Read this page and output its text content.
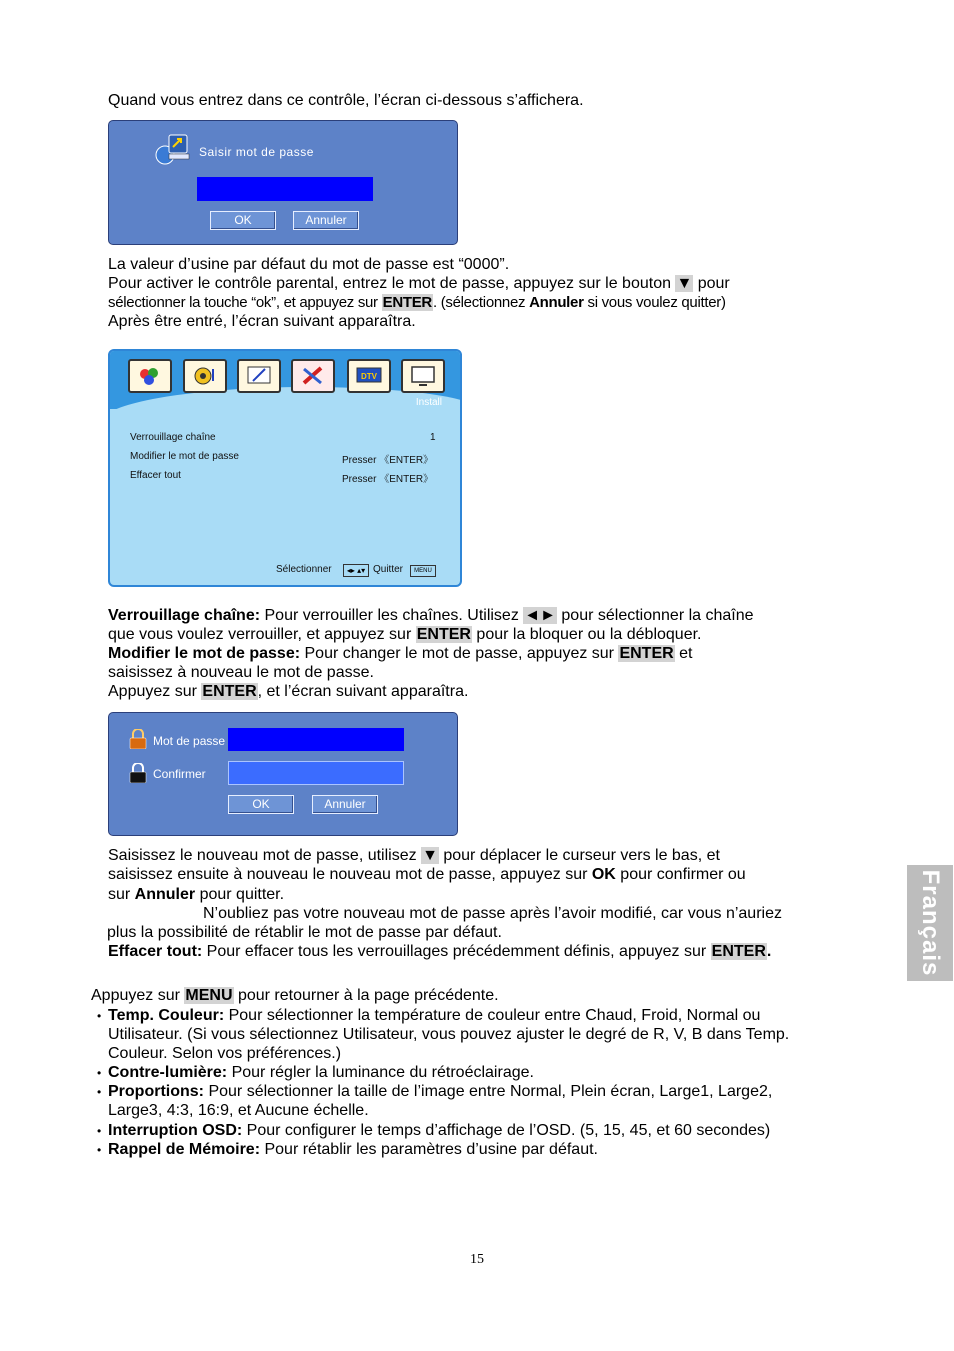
Quand vous entrez dans ce contrôle, l’écran ci-dessous s’affichera.
Saisir mot de passe
OK	Annuler
La valeur d’usine par défaut du mot de passe est “0000”.
Pour activer le contrôle parental, entrez le mot de passe, appuyez sur le bouton ▼ pour
sélectionner la touche “ok”, et appuyez sur ENTER. (sélectionnez Annuler si vous voulez quitter)
Après être entré, l’écran suivant apparaîtra.
DTV
Install
Verrouillage chaîne	1
Modifier le mot de passe	Presser 《ENTER》
Effacer tout	Presser 《ENTER》
Sélectionner	◂▸ ▴▾ Quitter	MENU
Verrouillage chaîne: Pour verrouiller les chaînes. Utilisez ◄► pour sélectionner la chaîne
que vous voulez verrouiller, et appuyez sur ENTER pour la bloquer ou la débloquer.
Modifier le mot de passe: Pour changer le mot de passe, appuyez sur ENTER et
saisissez à nouveau le mot de passe.
Appuyez sur ENTER, et l’écran suivant apparaîtra.
Mot de passe
Confirmer
OK	Annuler
Saisissez le nouveau mot de passe, utilisez ▼ pour déplacer le curseur vers le bas, et
saisissez ensuite à nouveau le nouveau mot de passe, appuyez sur OK pour confirmer ou
sur Annuler pour quitter.
N’oubliez pas votre nouveau mot de passe après l’avoir modifié, car vous n’auriez
plus la possibilité de rétablir le mot de passe par défaut.
Effacer tout: Pour effacer tous les verrouillages précédemment définis, appuyez sur ENTER.
Appuyez sur MENU pour retourner à la page précédente.
• Temp. Couleur: Pour sélectionner la température de couleur entre Chaud, Froid, Normal ou
Utilisateur. (Si vous sélectionnez Utilisateur, vous pouvez ajuster le degré de R, V, B dans Temp.
Couleur. Selon vos préférences.)
• Contre-lumière: Pour régler la luminance du rétroéclairage.
• Proportions: Pour sélectionner la taille de l’image entre Normal, Plein écran, Large1, Large2,
Large3, 4:3, 16:9, et Aucune échelle.
• Interruption OSD: Pour configurer le temps d’affichage de l’OSD. (5, 15, 45, et 60 secondes)
• Rappel de Mémoire: Pour rétablir les paramètres d’usine par défaut.
Français
15
